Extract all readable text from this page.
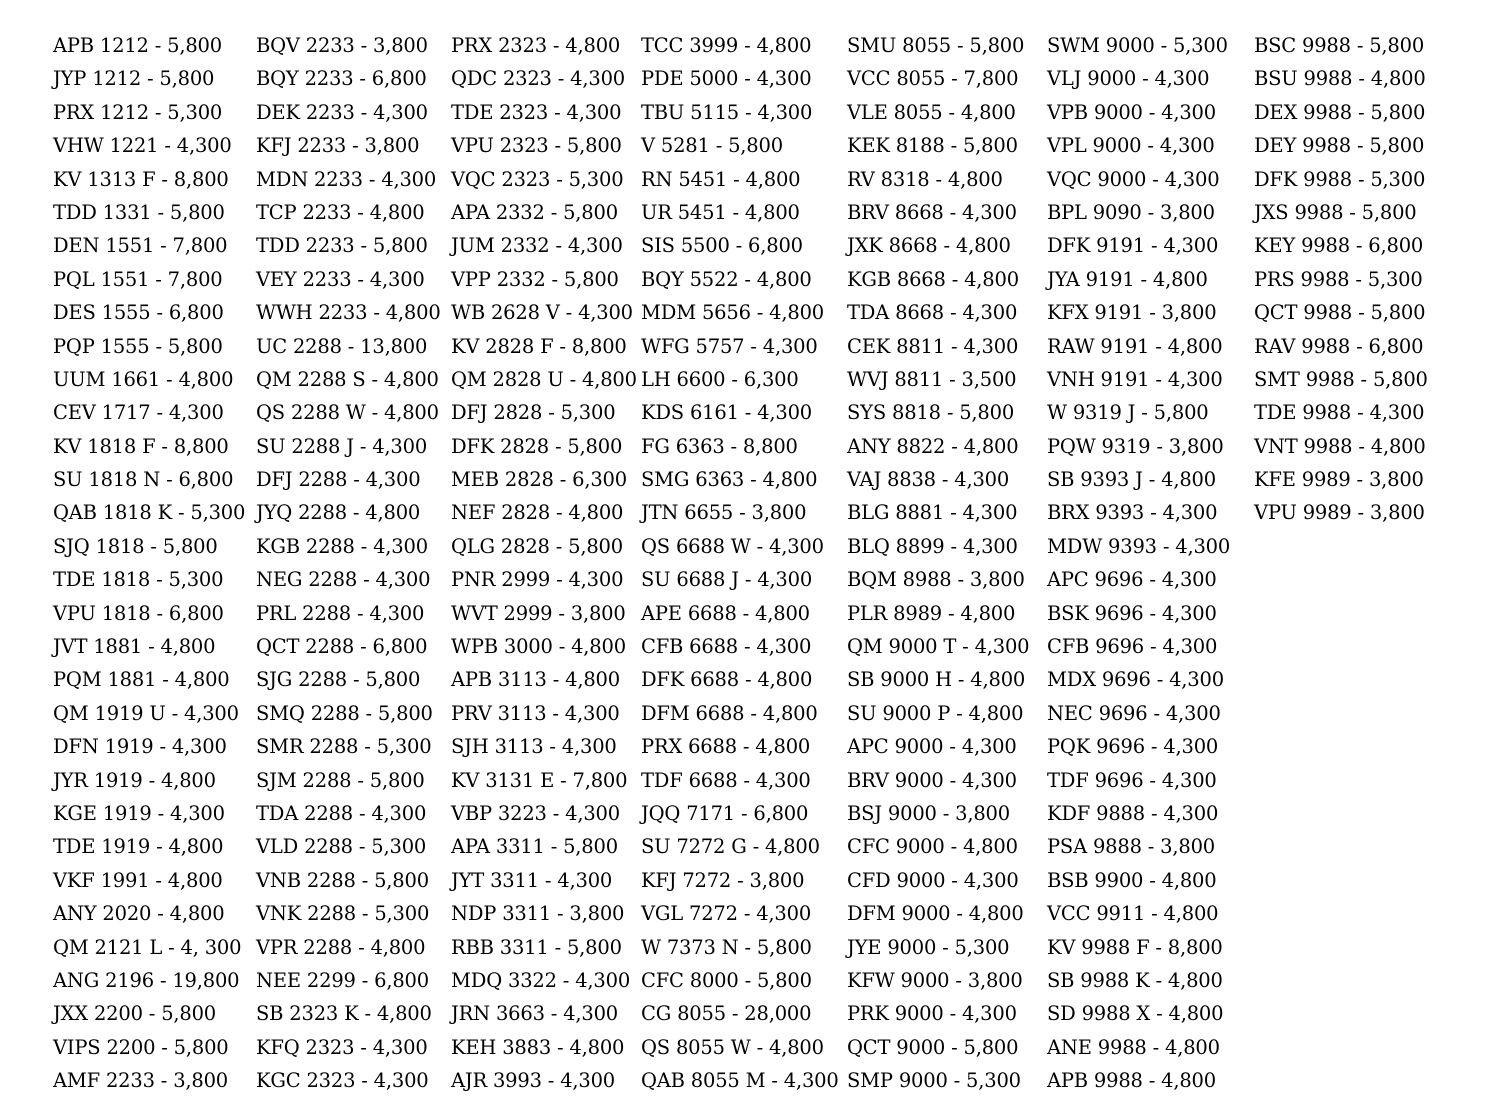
APB 1212 - 5,800
JYP 1212 - 5,800
PRX 1212 - 5,300
VHW 1221 - 4,300
KV 1313 F - 8,800
TDD 1331 - 5,800
DEN 1551 - 7,800
PQL 1551 - 7,800
DES 1555 - 6,800
PQP 1555 - 5,800
UUM 1661 - 4,800
CEV 1717 - 4,300
KV 1818 F - 8,800
SU 1818 N - 6,800
QAB 1818 K - 5,300
SJQ 1818 - 5,800
TDE 1818 - 5,300
VPU 1818 - 6,800
JVT 1881 - 4,800
PQM 1881 - 4,800
QM 1919 U - 4,300
DFN 1919 - 4,300
JYR 1919 - 4,800
KGE 1919 - 4,300
TDE 1919 - 4,800
VKF 1991 - 4,800
ANY 2020 - 4,800
QM 2121 L - 4, 300
ANG 2196 - 19,800
JXX 2200 - 5,800
VIPS 2200 - 5,800
AMF 2233 - 3,800
BQV 2233 - 3,800
BQY 2233 - 6,800
DEK 2233 - 4,300
KFJ 2233 - 3,800
MDN 2233 - 4,300
TCP 2233 - 4,800
TDD 2233 - 5,800
VEY 2233 - 4,300
WWH 2233 - 4,800
UC 2288 - 13,800
QM 2288 S - 4,800
QS 2288 W - 4,800
SU 2288 J - 4,300
DFJ 2288 - 4,300
JYQ 2288 - 4,800
KGB 2288 - 4,300
NEG 2288 - 4,300
PRL 2288 - 4,300
QCT 2288 - 6,800
SJG 2288 - 5,800
SMQ 2288 - 5,800
SMR 2288 - 5,300
SJM 2288 - 5,800
TDA 2288 - 4,300
VLD 2288 - 5,300
VNB 2288 - 5,800
VNK 2288 - 5,300
VPR 2288 - 4,800
NEE 2299 - 6,800
SB 2323 K - 4,800
KFQ 2323 - 4,300
KGC 2323 - 4,300
PRX 2323 - 4,800
QDC 2323 - 4,300
TDE 2323 - 4,300
VPU 2323 - 5,800
VQC 2323 - 5,300
APA 2332 - 5,800
JUM 2332 - 4,300
VPP 2332 - 5,800
WB 2628 V - 4,300
KV 2828 F - 8,800
QM 2828 U - 4,800
DFJ 2828 - 5,300
DFK 2828 - 5,800
MEB 2828 - 6,300
NEF 2828 - 4,800
QLG 2828 - 5,800
PNR 2999 - 4,300
WVT 2999 - 3,800
WPB 3000 - 4,800
APB 3113 - 4,800
PRV 3113 - 4,300
SJH 3113 - 4,300
KV 3131 E - 7,800
VBP 3223 - 4,300
APA 3311 - 5,800
JYT 3311 - 4,300
NDP 3311 - 3,800
RBB 3311 - 5,800
MDQ 3322 - 4,300
JRN 3663 - 4,300
KEH 3883 - 4,800
AJR 3993 - 4,300
TCC 3999 - 4,800
PDE 5000 - 4,300
TBU 5115 - 4,300
V 5281 - 5,800
RN 5451 - 4,800
UR 5451 - 4,800
SIS 5500 - 6,800
BQY 5522 - 4,800
MDM 5656 - 4,800
WFG 5757 - 4,300
LH 6600 - 6,300
KDS 6161 - 4,300
FG 6363 - 8,800
SMG 6363 - 4,800
JTN 6655 - 3,800
QS 6688 W - 4,300
SU 6688 J - 4,300
APE 6688 - 4,800
CFB 6688 - 4,300
DFK 6688 - 4,800
DFM 6688 - 4,800
PRX 6688 - 4,800
TDF 6688 - 4,300
JQQ 7171 - 6,800
SU 7272 G - 4,800
KFJ 7272 - 3,800
VGL 7272 - 4,300
W 7373 N - 5,800
CFC 8000 - 5,800
CG 8055 - 28,000
QS 8055 W - 4,800
QAB 8055 M - 4,300
SMU 8055 - 5,800
VCC 8055 - 7,800
VLE 8055 - 4,800
KEK 8188 - 5,800
RV 8318 - 4,800
BRV 8668 - 4,300
JXK 8668 - 4,800
KGB 8668 - 4,800
TDA 8668 - 4,300
CEK 8811 - 4,300
WVJ 8811 - 3,500
SYS 8818 - 5,800
ANY 8822 - 4,800
VAJ 8838 - 4,300
BLG 8881 - 4,300
BLQ 8899 - 4,300
BQM 8988 - 3,800
PLR 8989 - 4,800
QM 9000 T - 4,300
SB 9000 H - 4,800
SU 9000 P - 4,800
APC 9000 - 4,300
BRV 9000 - 4,300
BSJ 9000 - 3,800
CFC 9000 - 4,800
CFD 9000 - 4,300
DFM 9000 - 4,800
JYE 9000 - 5,300
KFW 9000 - 3,800
PRK 9000 - 4,300
QCT 9000 - 5,800
SMP 9000 - 5,300
SWM 9000 - 5,300
VLJ 9000 - 4,300
VPB 9000 - 4,300
VPL 9000 - 4,300
VQC 9000 - 4,300
BPL 9090 - 3,800
DFK 9191 - 4,300
JYA 9191 - 4,800
KFX 9191 - 3,800
RAW 9191 - 4,800
VNH 9191 - 4,300
W 9319 J - 5,800
PQW 9319 - 3,800
SB 9393 J - 4,800
BRX 9393 - 4,300
MDW 9393 - 4,300
APC 9696 - 4,300
BSK 9696 - 4,300
CFB 9696 - 4,300
MDX 9696 - 4,300
NEC 9696 - 4,300
PQK 9696 - 4,300
TDF 9696 - 4,300
KDF 9888 - 4,300
PSA 9888 - 3,800
BSB 9900 - 4,800
VCC 9911 - 4,800
KV 9988 F - 8,800
SB 9988 K - 4,800
SD 9988 X - 4,800
ANE 9988 - 4,800
APB 9988 - 4,800
BSC 9988 - 5,800
BSU 9988 - 4,800
DEX 9988 - 5,800
DEY 9988 - 5,800
DFK 9988 - 5,300
JXS 9988 - 5,800
KEY 9988 - 6,800
PRS 9988 - 5,300
QCT 9988 - 5,800
RAV 9988 - 6,800
SMT 9988 - 5,800
TDE 9988 - 4,300
VNT 9988 - 4,800
KFE 9989 - 3,800
VPU 9989 - 3,800
